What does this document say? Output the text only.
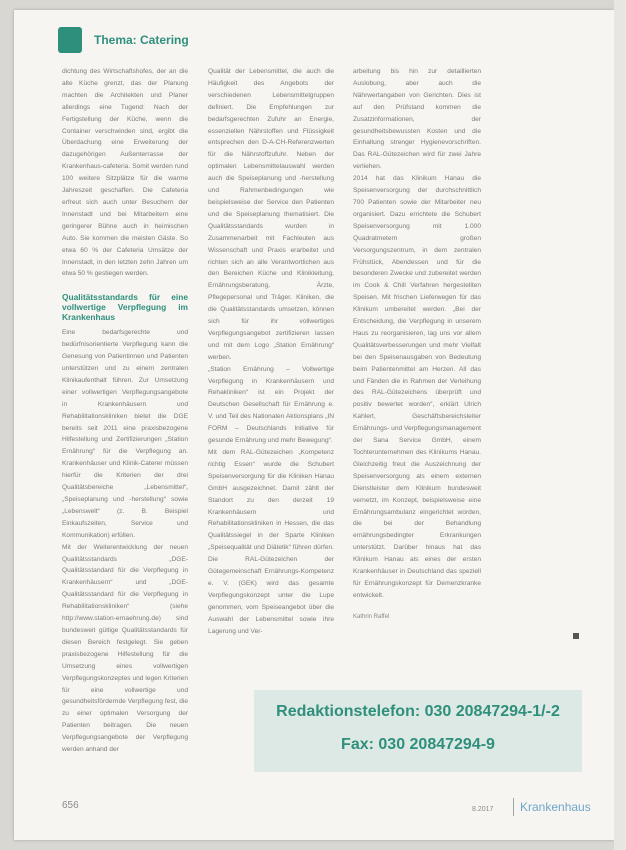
Thema: Catering

dichtung des Wirtschaftshofes, der an die alte Küche grenzt, das der Planung machten die Architekten und Planer allerdings eine Tugend: Nach der Fertigstellung der Küche, wenn die Container verschwinden sind, ergibt die Überdachung eine Erweiterung der dazugehörigen Außenterrasse der Krankenhaus-cafeteria. Somit werden rund 100 weitere Sitzplätze für die warme Jahreszeit geschaffen. Die Cafeteria erfreut sich auch unter Besuchern der Innenstadt und bei Mitarbeitern eine geringerer Bühne auch in heimischen Auto. Sie kommen die meisten Gäste. So etwa 60 % der Cafeteria Umsätze der Innenstadt, in den letzten zehn Jahren um etwa 50 % gestiegen werden.

Qualitätsstandards für eine vollwertige Verpflegung im Krankenhaus

Eine bedarfsgerechte und bedürfnisorientierte Verpflegung kann die Genesung von Patientinnen und Patienten unterstützen und zu einem zentralen Klinikaufenthalt führen. Zur Umsetzung einer vollwertigen Verpflegungsangebote in Krankenhäusern und Rehabilitationskliniken bietet die DGE bereits seit 2011 eine praxisbezogene Hilfestellung und Zertifizierungen „Station Ernährung“ für die Verpflegung an. Krankenhäuser und Klinik-Caterer müssen hierfür die Kriterien der drei Qualitätsbereiche „Lebensmittel“, „Speiseplanung und -herstellung“ sowie „Lebenswelt“ (z. B. Beispiel Einkaufszeiten, Service und Kommunikation) erfüllen.

Mit der Weiterentwicklung der neuen Qualitätsstandards „DGE-Qualitätsstandard für die Verpflegung in Krankenhäusern“ und „DGE-Qualitätsstandard für die Verpflegung in Rehabilitationskliniken“ (siehe http://www.station-ernaehrung.de) sind bundesweit gültige Qualitätsstandards für diesen Bereich festgelegt. Sie geben praxisbezogene Hilfestellung für die Umsetzung eines vollwertigen Verpflegungskonzeptes und legen Kriterien für eine vollwertige und gesundheitsfördernde Verpflegung fest, die zu einer optimalen Versorgung der Patienten beitragen. Die neuen Verpflegungsangebote der Verpflegung werden anhand der

Qualität der Lebensmittel, die auch die Häufigkeit des Angebots der verschiedenen Lebensmittelgruppen definiert. Die Empfehlungen zur bedarfsgerechten Zufuhr an Energie, essenziellen Nährstoffen und Flüssigkeit entsprechen den D-A-CH-Referenzwerten für die Nährstoffzufuhr. Neben der optimalen Lebensmittelauswahl werden auch die Speiseplanung und -herstellung und Rahmenbedingungen wie beispielsweise der Service den Patienten und die Speiseplanung thematisiert. Die Qualitätsstandards wurden in Zusammenarbeit mit Fachleuten aus Wissenschaft und Praxis erarbeitet und richten sich an alle Verantwortlichen aus den Bereichen Küche und Klinikleitung, Ernährungsberatung, Ärzte, Pflegepersonal und Träger. Kliniken, die die Qualitätsstandards umsetzen, können sich für ihr vollwertiges Verpflegungsangebot zertifizieren lassen und mit dem Logo „Station Ernährung“ werben.

„Station Ernährung – Vollwertige Verpflegung in Krankenhäusern und Rehakliniken“ ist ein Projekt der Deutschen Gesellschaft für Ernährung e. V. und Teil des Nationalen Aktionsplans „IN FORM – Deutschlands Initiative für gesunde Ernährung und mehr Bewegung“.

Mit dem RAL-Gütezeichen „Kompetenz richtig Essen“ wurde die Schubert Speisenversorgung für die Kliniken Hanau GmbH ausgezeichnet. Damit zählt der Standort zu den derzeit 19 Krankenhäusern und Rehabilitationskliniken in Hessen, die das Qualitätssiegel in der Sparte Kliniken „Speisequalität und Diätetik“ führen dürfen. Die RAL-Gütezeichen der Gütegemeinschaft Ernährungs-Kompetenz e. V. (GEK) wird das gesamte Verpflegungskonzept unter die Lupe genommen, vom Speiseangebot über die Auswahl der Lebensmittel sowie ihre Lagerung und Ver-

arbeitung bis hin zur detaillierten Auslobung, aber auch die Nährwertangaben von Gerichten. Dies ist auf den Prüfstand kommen die Zusatzinformationen, der gesundheitsbewussten Kosten und die Einhaltung strenger Hygienevorschriften. Das RAL-Gütezeichen wird für zwei Jahre verliehen.

2014 hat das Klinikum Hanau die Speisenversorgung der durchschnittlich 700 Patienten sowie der Mitarbeiter neu organisiert. Dazu errichtete die Schubert Speisenversorgung mit 1.000 Quadratmetern großen Versorgungszentrum, in dem zentralen Frühstück, Abendessen und für die besonderen Zwecke und zubereitet werden im Cook & Chill Verfahren hergestellten Speisen. Mit frischen Lieferwegen für das Klinikum umbereitet werden. „Bei der Entscheidung, die Verpflegung in unserem Haus zu reorganisieren, lag uns vor allem Qualitätsverbesserungen und mehr Vielfalt bei den Speisenausgaben von Bedeutung beim Patientenmittel am Herzen. All das und Fänden die in Rahmen der Verleihung des RAL-Gütezeichens überprüft und positiv bewertet worden“, erklärt Ulrich Kahlert, Geschäftsbereichsleiter Ernährungs- und Verpflegungsmanagement der Sana Service GmbH, einem Tochterunternehmen des Klinikums Hanau. Gleichzeitig freut die Auszeichnung der Speisenversorgung als einem externen Dienstleister dem Klinikum bundesweit vernetzt, im Konzept, beispielsweise eine Ernährungsambulanz eingerichtet worden, die bei der Behandlung ernährungsbedingter Erkrankungen unterstützt. Darüber hinaus hat das Klinikum Hanau als eines der ersten Krankenhäuser in Deutschland das speziell für Ernährungskonzept für Demenzkranke entwickelt.

Kathrin Raffel
Redaktionstelefon: 030 20847294-1/-2
Fax: 030 20847294-9
656	8.2017 Krankenhaus
